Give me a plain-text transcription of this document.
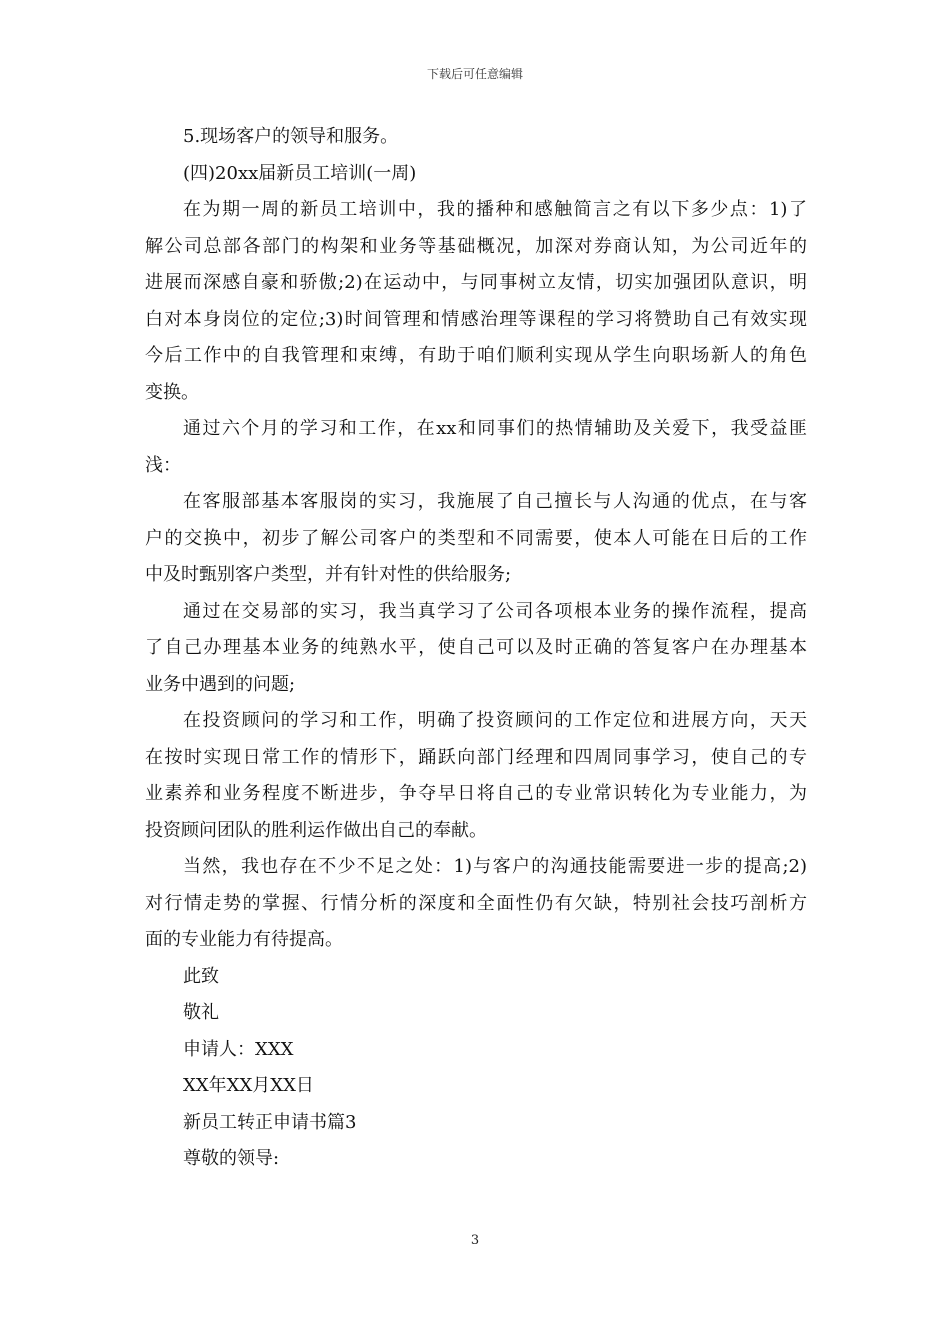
下载后可任意编辑
5.现场客户的领导和服务。
(四)20xx届新员工培训(一周)
在为期一周的新员工培训中，我的播种和感触简言之有以下多少点：1)了
解公司总部各部门的构架和业务等基础概况，加深对券商认知，为公司近年的
进展而深感自豪和骄傲;2)在运动中，与同事树立友情，切实加强团队意识，明
白对本身岗位的定位;3)时间管理和情感治理等课程的学习将赞助自己有效实现
今后工作中的自我管理和束缚，有助于咱们顺利实现从学生向职场新人的角色
变换。
通过六个月的学习和工作，在xx和同事们的热情辅助及关爱下，我受益匪
浅：
在客服部基本客服岗的实习，我施展了自己擅长与人沟通的优点，在与客
户的交换中，初步了解公司客户的类型和不同需要，使本人可能在日后的工作
中及时甄别客户类型，并有针对性的供给服务;
通过在交易部的实习，我当真学习了公司各项根本业务的操作流程，提高
了自己办理基本业务的纯熟水平，使自己可以及时正确的答复客户在办理基本
业务中遇到的问题;
在投资顾问的学习和工作，明确了投资顾问的工作定位和进展方向，天天
在按时实现日常工作的情形下，踊跃向部门经理和四周同事学习，使自己的专
业素养和业务程度不断进步，争夺早日将自己的专业常识转化为专业能力，为
投资顾问团队的胜利运作做出自己的奉献。
当然，我也存在不少不足之处：1)与客户的沟通技能需要进一步的提高;2)
对行情走势的掌握、行情分析的深度和全面性仍有欠缺，特别社会技巧剖析方
面的专业能力有待提高。
此致
敬礼
申请人：XXX
XX年XX月XX日
新员工转正申请书篇3
尊敬的领导:
3
